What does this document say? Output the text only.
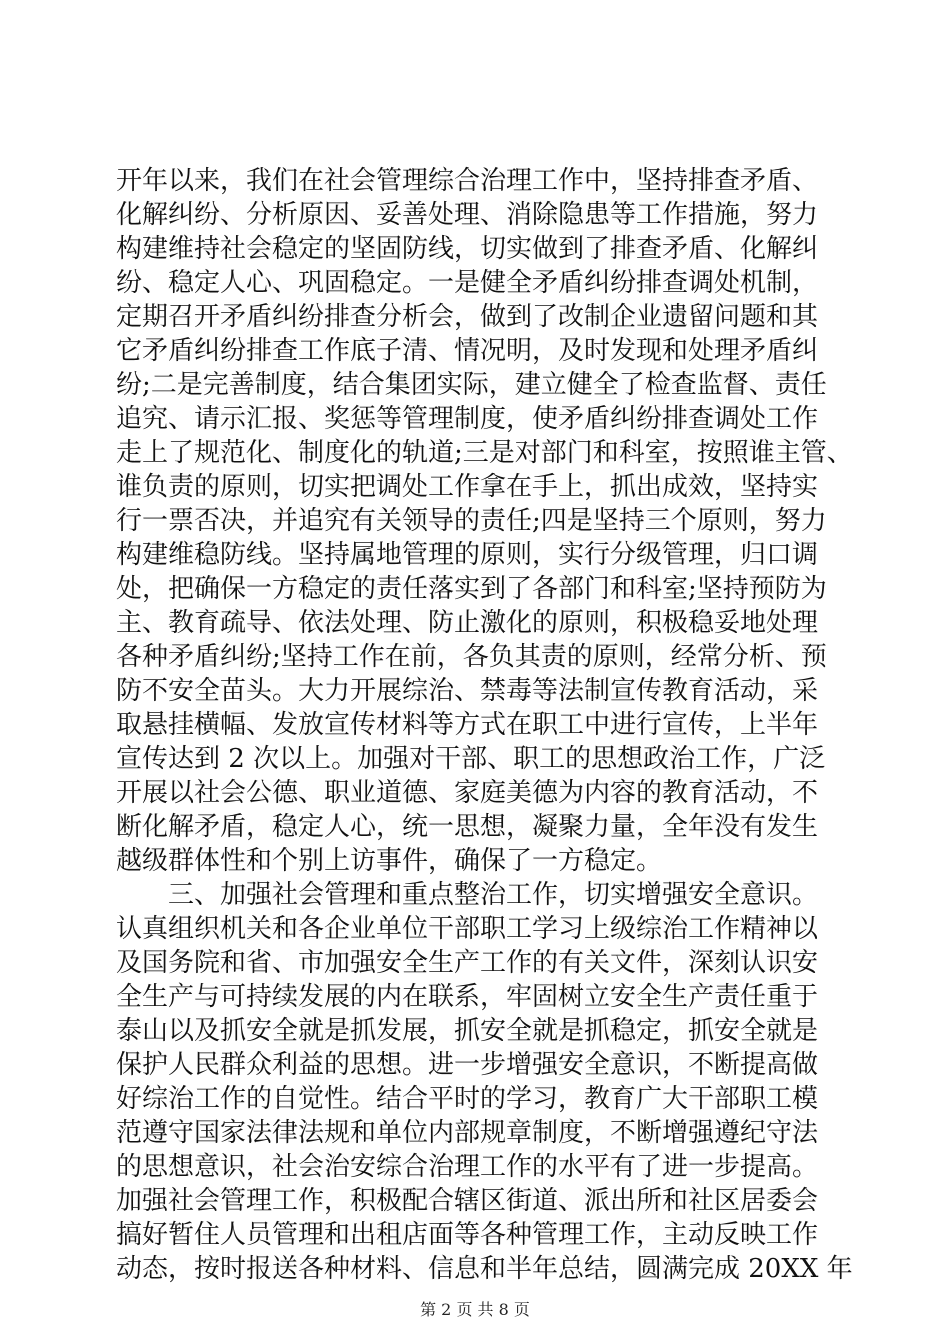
开年以来，我们在社会管理综合治理工作中，坚持排查矛盾、
化解纠纷、分析原因、妥善处理、消除隐患等工作措施，努力
构建维持社会稳定的坚固防线，切实做到了排查矛盾、化解纠
纷、稳定人心、巩固稳定。一是健全矛盾纠纷排查调处机制，
定期召开矛盾纠纷排查分析会，做到了改制企业遗留问题和其
它矛盾纠纷排查工作底子清、情况明，及时发现和处理矛盾纠
纷;二是完善制度，结合集团实际，建立健全了检查监督、责任
追究、请示汇报、奖惩等管理制度，使矛盾纠纷排查调处工作
走上了规范化、制度化的轨道;三是对部门和科室，按照谁主管、
谁负责的原则，切实把调处工作拿在手上，抓出成效，坚持实
行一票否决，并追究有关领导的责任;四是坚持三个原则，努力
构建维稳防线。坚持属地管理的原则，实行分级管理，归口调
处，把确保一方稳定的责任落实到了各部门和科室;坚持预防为
主、教育疏导、依法处理、防止激化的原则，积极稳妥地处理
各种矛盾纠纷;坚持工作在前，各负其责的原则，经常分析、预
防不安全苗头。大力开展综治、禁毒等法制宣传教育活动，采
取悬挂横幅、发放宣传材料等方式在职工中进行宣传，上半年
宣传达到 2 次以上。加强对干部、职工的思想政治工作，广泛
开展以社会公德、职业道德、家庭美德为内容的教育活动，不
断化解矛盾，稳定人心，统一思想，凝聚力量，全年没有发生
越级群体性和个别上访事件，确保了一方稳定。
　　三、加强社会管理和重点整治工作，切实增强安全意识。
认真组织机关和各企业单位干部职工学习上级综治工作精神以
及国务院和省、市加强安全生产工作的有关文件，深刻认识安
全生产与可持续发展的内在联系，牢固树立安全生产责任重于
泰山以及抓安全就是抓发展，抓安全就是抓稳定，抓安全就是
保护人民群众利益的思想。进一步增强安全意识，不断提高做
好综治工作的自觉性。结合平时的学习，教育广大干部职工模
范遵守国家法律法规和单位内部规章制度，不断增强遵纪守法
的思想意识，社会治安综合治理工作的水平有了进一步提高。
加强社会管理工作，积极配合辖区街道、派出所和社区居委会
搞好暂住人员管理和出租店面等各种管理工作，主动反映工作
动态，按时报送各种材料、信息和半年总结，圆满完成 20XX 年
第 2 页 共 8 页
